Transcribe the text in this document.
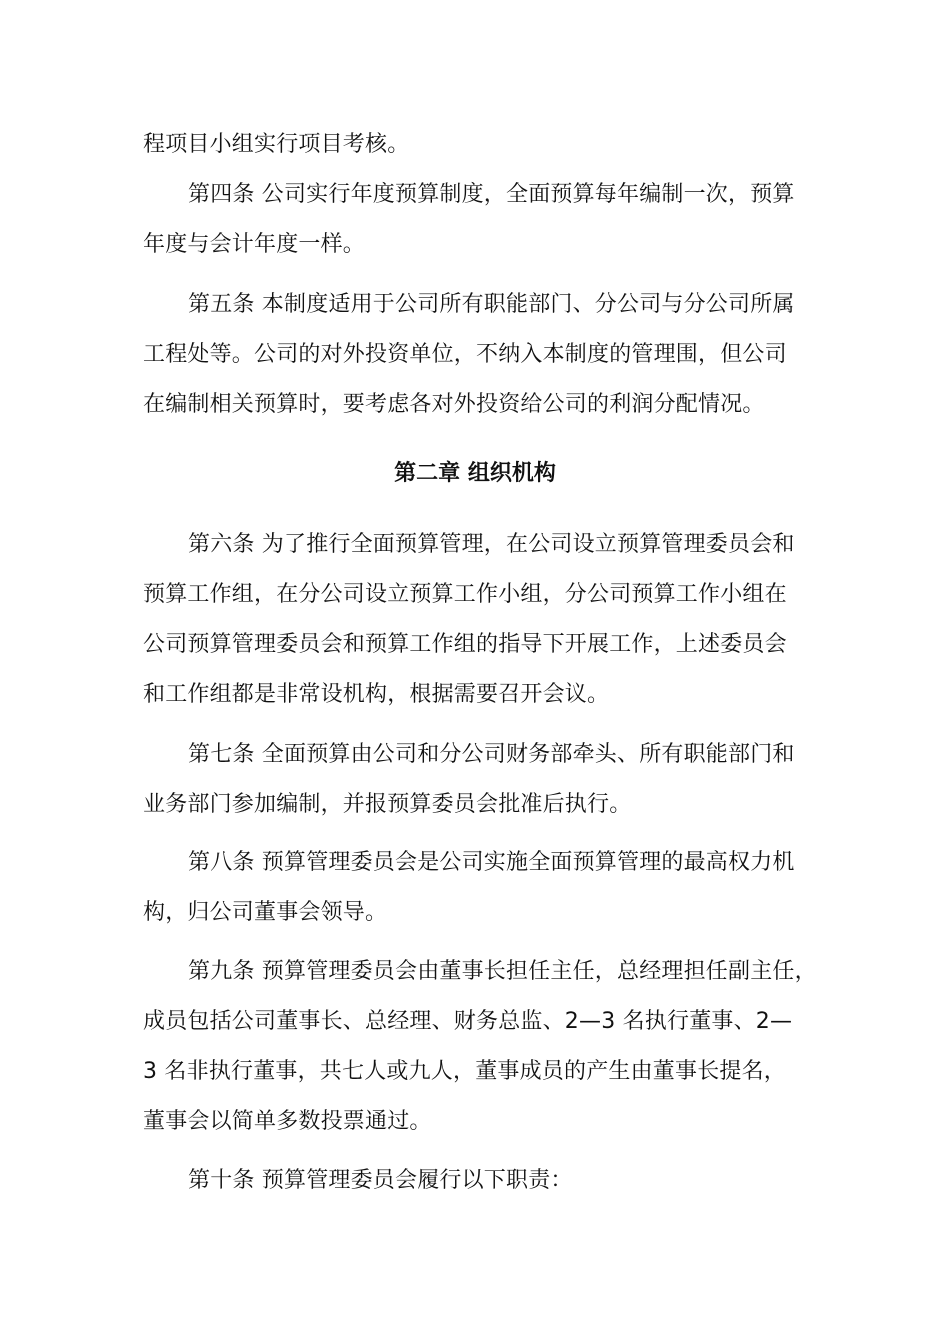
程项目小组实行项目考核。
第四条 公司实行年度预算制度，全面预算每年编制一次，预算
年度与会计年度一样。
第五条 本制度适用于公司所有职能部门、分公司与分公司所属
工程处等。公司的对外投资单位，不纳入本制度的管理围，但公司
在编制相关预算时，要考虑各对外投资给公司的利润分配情况。
第二章 组织机构
第六条 为了推行全面预算管理，在公司设立预算管理委员会和
预算工作组，在分公司设立预算工作小组，分公司预算工作小组在
公司预算管理委员会和预算工作组的指导下开展工作，上述委员会
和工作组都是非常设机构，根据需要召开会议。
第七条 全面预算由公司和分公司财务部牵头、所有职能部门和
业务部门参加编制，并报预算委员会批准后执行。
第八条 预算管理委员会是公司实施全面预算管理的最高权力机
构，归公司董事会领导。
第九条 预算管理委员会由董事长担任主任，总经理担任副主任，
成员包括公司董事长、总经理、财务总监、2—3 名执行董事、2—
3 名非执行董事，共七人或九人，董事成员的产生由董事长提名，
董事会以简单多数投票通过。
第十条 预算管理委员会履行以下职责：
